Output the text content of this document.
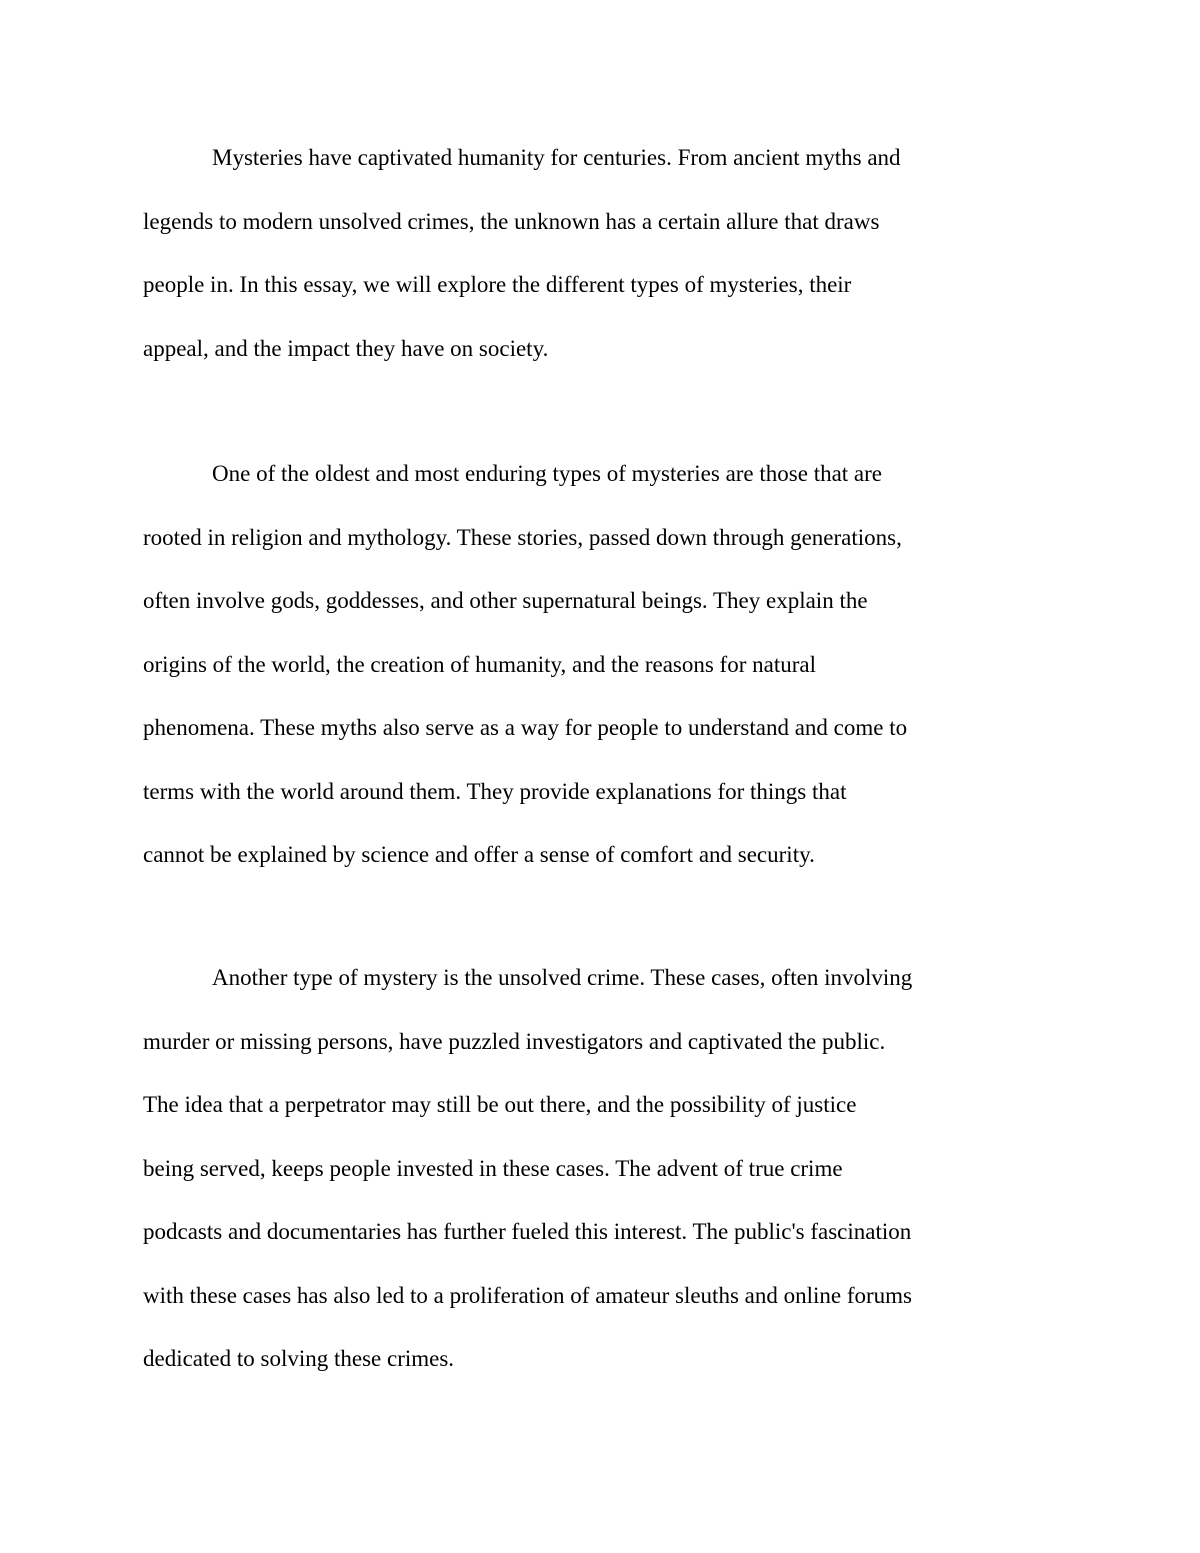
Mysteries have captivated humanity for centuries. From ancient myths and
legends to modern unsolved crimes, the unknown has a certain allure that draws
people in. In this essay, we will explore the different types of mysteries, their
appeal, and the impact they have on society.
One of the oldest and most enduring types of mysteries are those that are
rooted in religion and mythology. These stories, passed down through generations,
often involve gods, goddesses, and other supernatural beings. They explain the
origins of the world, the creation of humanity, and the reasons for natural
phenomena. These myths also serve as a way for people to understand and come to
terms with the world around them. They provide explanations for things that
cannot be explained by science and offer a sense of comfort and security.
Another type of mystery is the unsolved crime. These cases, often involving
murder or missing persons, have puzzled investigators and captivated the public.
The idea that a perpetrator may still be out there, and the possibility of justice
being served, keeps people invested in these cases. The advent of true crime
podcasts and documentaries has further fueled this interest. The public's fascination
with these cases has also led to a proliferation of amateur sleuths and online forums
dedicated to solving these crimes.
